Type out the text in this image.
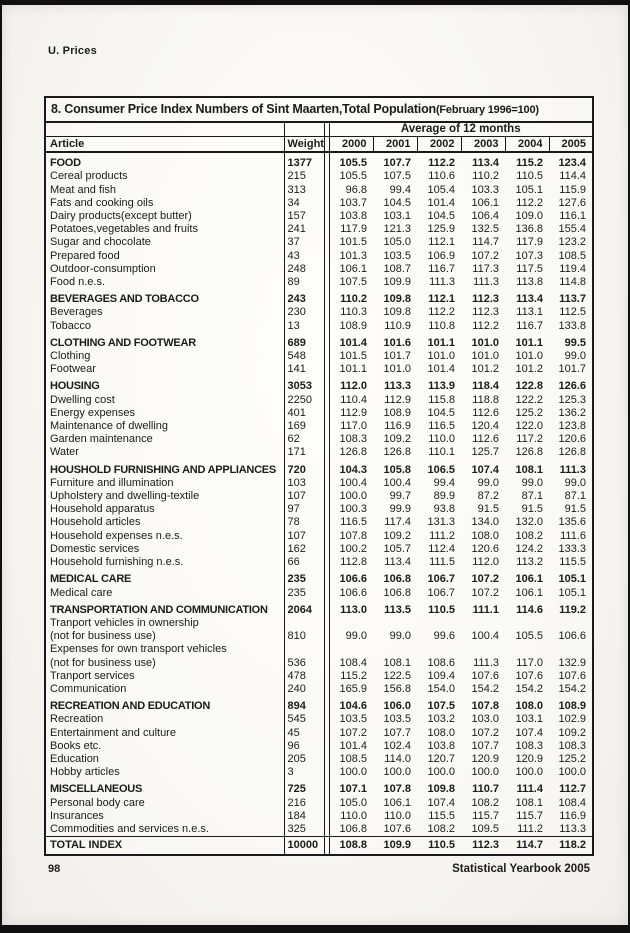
U. Prices
8. Consumer Price Index Numbers of Sint Maarten,Total Population(February 1996=100)								
			Average of 12 months					
Article	Weight		2000	2001	2002	2003	2004	2005
FOOD	1377		105.5	107.7	112.2	113.4	115.2	123.4
Cereal products	215		105.5	107.5	110.6	110.2	110.5	114.4
Meat and fish	313		96.8	99.4	105.4	103.3	105.1	115.9
Fats and cooking oils	34		103.7	104.5	101.4	106.1	112.2	127.6
Dairy products(except butter)	157		103.8	103.1	104.5	106.4	109.0	116.1
Potatoes,vegetables and fruits	241		117.9	121.3	125.9	132.5	136.8	155.4
Sugar and chocolate	37		101.5	105.0	112.1	114.7	117.9	123.2
Prepared food	43		101.3	103.5	106.9	107.2	107.3	108.5
Outdoor-consumption	248		106.1	108.7	116.7	117.3	117.5	119.4
Food n.e.s.	89		107.5	109.9	111.3	111.3	113.8	114.8
BEVERAGES AND TOBACCO	243		110.2	109.8	112.1	112.3	113.4	113.7
Beverages	230		110.3	109.8	112.2	112.3	113.1	112.5
Tobacco	13		108.9	110.9	110.8	112.2	116.7	133.8
CLOTHING AND FOOTWEAR	689		101.4	101.6	101.1	101.0	101.1	99.5
Clothing	548		101.5	101.7	101.0	101.0	101.0	99.0
Footwear	141		101.1	101.0	101.4	101.2	101.2	101.7
HOUSING	3053		112.0	113.3	113.9	118.4	122.8	126.6
Dwelling cost	2250		110.4	112.9	115.8	118.8	122.2	125.3
Energy expenses	401		112.9	108.9	104.5	112.6	125.2	136.2
Maintenance of dwelling	169		117.0	116.9	116.5	120.4	122.0	123.8
Garden maintenance	62		108.3	109.2	110.0	112.6	117.2	120.6
Water	171		126.8	126.8	110.1	125.7	126.8	126.8
HOUSHOLD FURNISHING AND APPLIANCES	720		104.3	105.8	106.5	107.4	108.1	111.3
Furniture and illumination	103		100.4	100.4	99.4	99.0	99.0	99.0
Upholstery and dwelling-textile	107		100.0	99.7	89.9	87.2	87.1	87.1
Household apparatus	97		100.3	99.9	93.8	91.5	91.5	91.5
Household articles	78		116.5	117.4	131.3	134.0	132.0	135.6
Household expenses n.e.s.	107		107.8	109.2	111.2	108.0	108.2	111.6
Domestic services	162		100.2	105.7	112.4	120.6	124.2	133.3
Household furnishing n.e.s.	66		112.8	113.4	111.5	112.0	113.2	115.5
MEDICAL CARE	235		106.6	106.8	106.7	107.2	106.1	105.1
Medical care	235		106.6	106.8	106.7	107.2	106.1	105.1
TRANSPORTATION AND COMMUNICATION	2064		113.0	113.5	110.5	111.1	114.6	119.2
Tranport vehicles in ownership								
(not for business use)	810		99.0	99.0	99.6	100.4	105.5	106.6
Expenses for own transport vehicles								
(not for business use)	536		108.4	108.1	108.6	111.3	117.0	132.9
Tranport services	478		115.2	122.5	109.4	107.6	107.6	107.6
Communication	240		165.9	156.8	154.0	154.2	154.2	154.2
RECREATION AND EDUCATION	894		104.6	106.0	107.5	107.8	108.0	108.9
Recreation	545		103.5	103.5	103.2	103.0	103.1	102.9
Entertainment and culture	45		107.2	107.7	108.0	107.2	107.4	109.2
Books etc.	96		101.4	102.4	103.8	107.7	108.3	108.3
Education	205		108.5	114.0	120.7	120.9	120.9	125.2
Hobby articles	3		100.0	100.0	100.0	100.0	100.0	100.0
MISCELLANEOUS	725		107.1	107.8	109.8	110.7	111.4	112.7
Personal body care	216		105.0	106.1	107.4	108.2	108.1	108.4
Insurances	184		110.0	110.0	115.5	115.7	115.7	116.9
Commodities and services n.e.s.	325		106.8	107.6	108.2	109.5	111.2	113.3
TOTAL INDEX	10000		108.8	109.9	110.5	112.3	114.7	118.2
98	Statistical Yearbook 2005
